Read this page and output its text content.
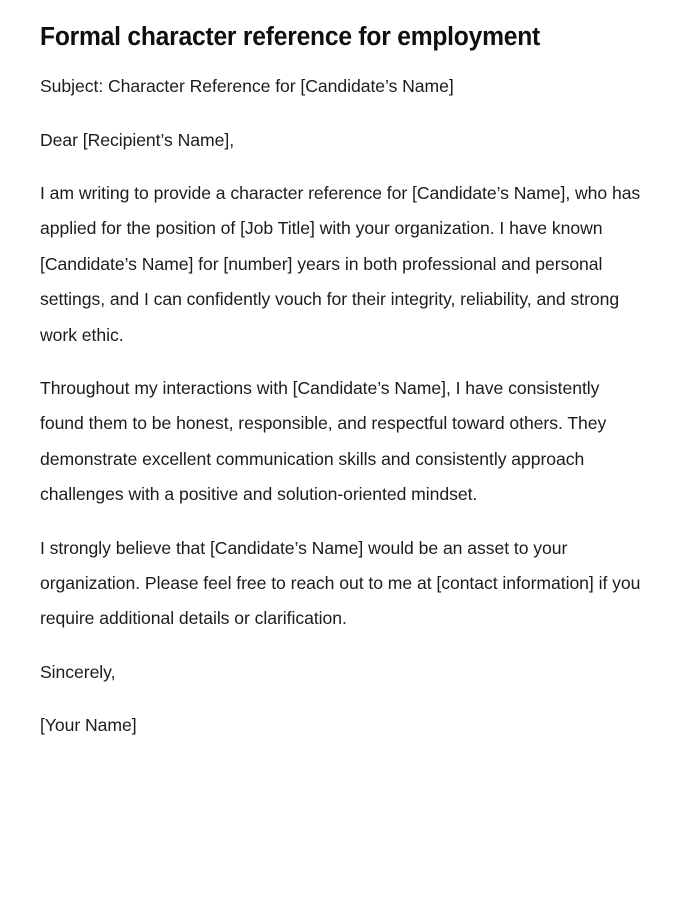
Formal character reference for employment

Subject: Character Reference for [Candidate’s Name]

Dear [Recipient’s Name],

I am writing to provide a character reference for [Candidate’s Name], who has applied for the position of [Job Title] with your organization. I have known [Candidate’s Name] for [number] years in both professional and personal settings, and I can confidently vouch for their integrity, reliability, and strong work ethic.

Throughout my interactions with [Candidate’s Name], I have consistently found them to be honest, responsible, and respectful toward others. They demonstrate excellent communication skills and consistently approach challenges with a positive and solution-oriented mindset.

I strongly believe that [Candidate’s Name] would be an asset to your organization. Please feel free to reach out to me at [contact information] if you require additional details or clarification.

Sincerely,

[Your Name]
